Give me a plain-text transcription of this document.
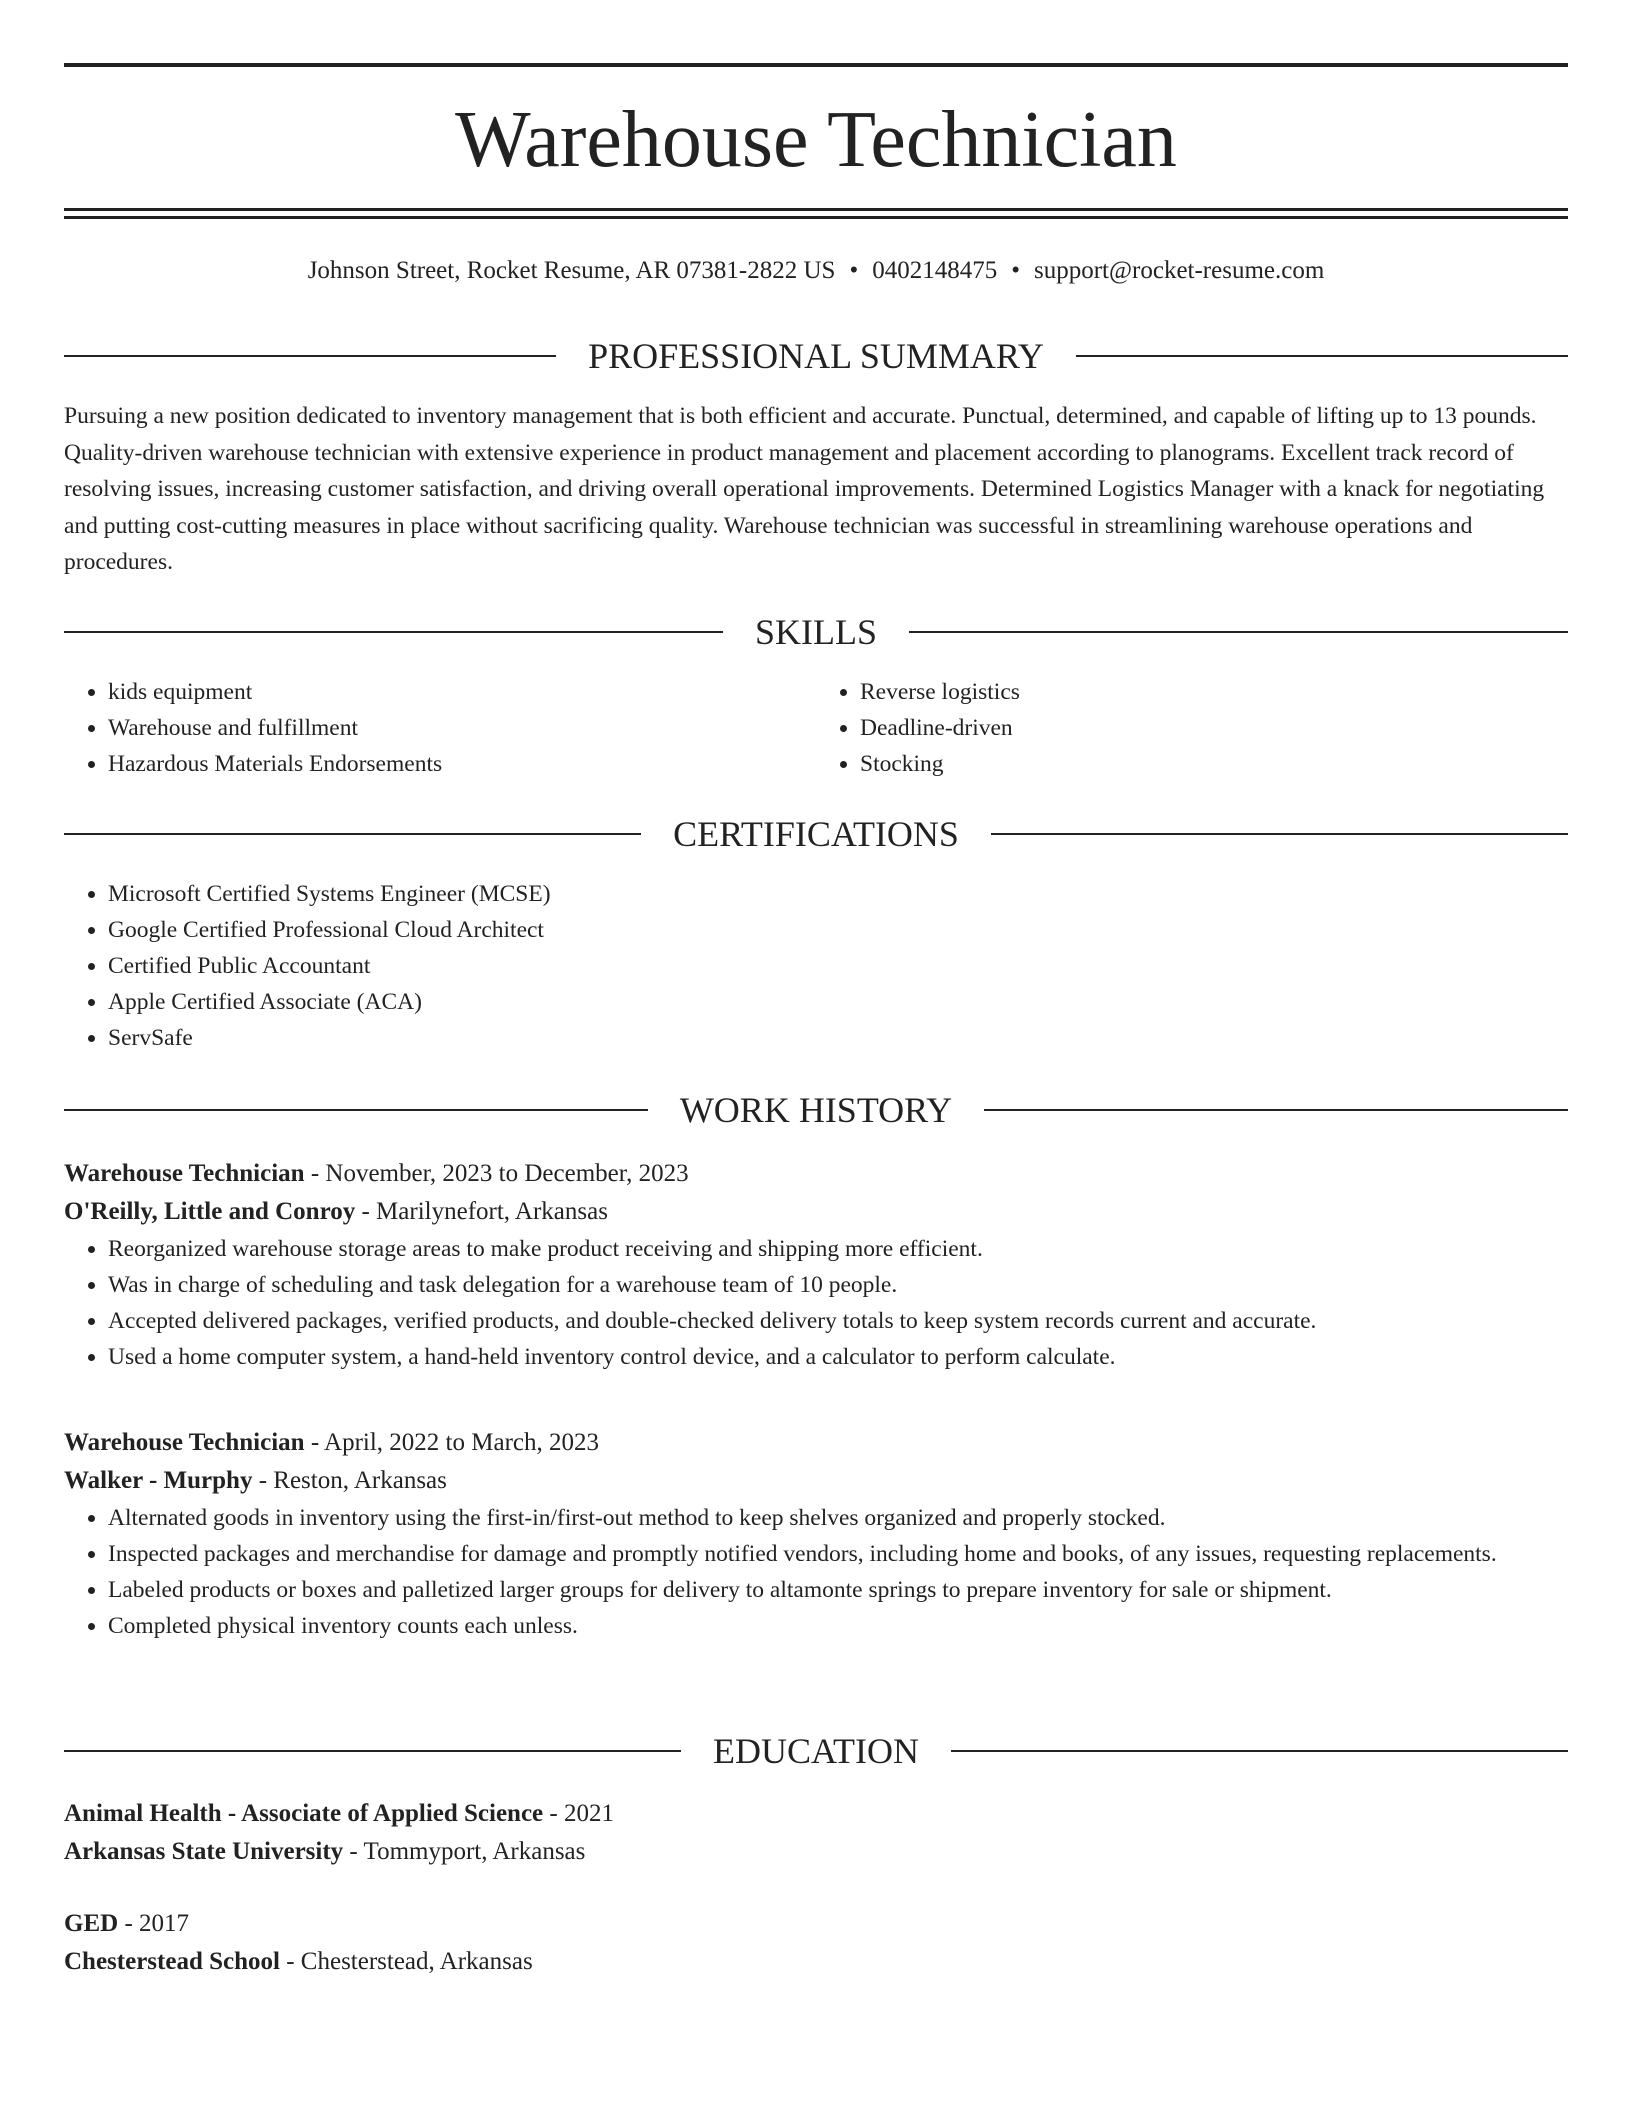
Warehouse Technician
Johnson Street, Rocket Resume, AR 07381-2822 US • 0402148475 • support@rocket-resume.com
PROFESSIONAL SUMMARY

Pursuing a new position dedicated to inventory management that is both efficient and accurate. Punctual, determined, and capable of lifting up to 13 pounds. Quality-driven warehouse technician with extensive experience in product management and placement according to planograms. Excellent track record of resolving issues, increasing customer satisfaction, and driving overall operational improvements. Determined Logistics Manager with a knack for negotiating and putting cost-cutting measures in place without sacrificing quality. Warehouse technician was successful in streamlining warehouse operations and procedures.

SKILLS
• kids equipment
• Warehouse and fulfillment
• Hazardous Materials Endorsements
• Reverse logistics
• Deadline-driven
• Stocking
CERTIFICATIONS
• Microsoft Certified Systems Engineer (MCSE)
• Google Certified Professional Cloud Architect
• Certified Public Accountant
• Apple Certified Associate (ACA)
• ServSafe
WORK HISTORY

Warehouse Technician - November, 2023 to December, 2023

O'Reilly, Little and Conroy - Marilynefort, Arkansas

• Reorganized warehouse storage areas to make product receiving and shipping more efficient.
• Was in charge of scheduling and task delegation for a warehouse team of 10 people.
• Accepted delivered packages, verified products, and double-checked delivery totals to keep system records current and accurate.
• Used a home computer system, a hand-held inventory control device, and a calculator to perform calculate.

Warehouse Technician - April, 2022 to March, 2023

Walker - Murphy - Reston, Arkansas

• Alternated goods in inventory using the first-in/first-out method to keep shelves organized and properly stocked.
• Inspected packages and merchandise for damage and promptly notified vendors, including home and books, of any issues, requesting replacements.
• Labeled products or boxes and palletized larger groups for delivery to altamonte springs to prepare inventory for sale or shipment.
• Completed physical inventory counts each unless.
EDUCATION

Animal Health - Associate of Applied Science - 2021

Arkansas State University - Tommyport, Arkansas

GED - 2017

Chesterstead School - Chesterstead, Arkansas
